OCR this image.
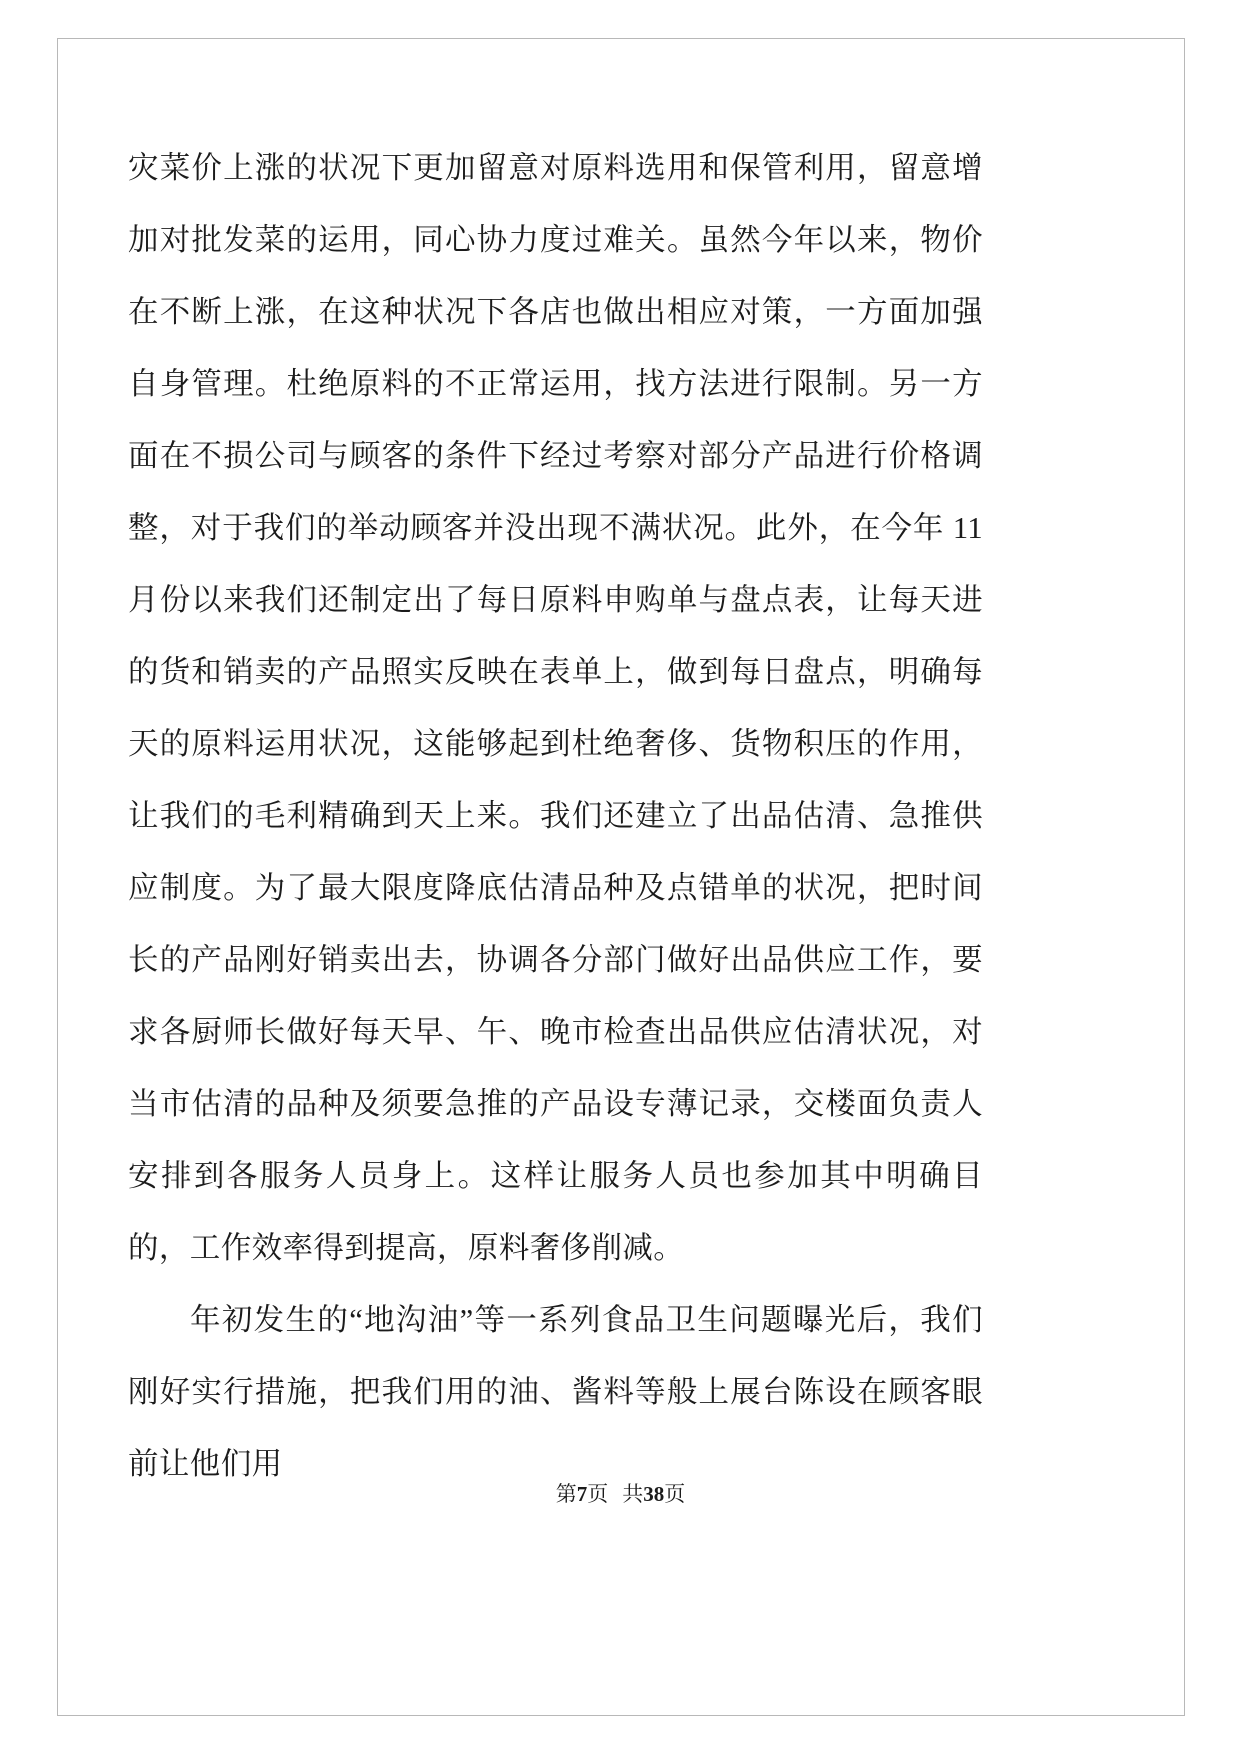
灾菜价上涨的状况下更加留意对原料选用和保管利用，留意增加对批发菜的运用，同心协力度过难关。虽然今年以来，物价在不断上涨，在这种状况下各店也做出相应对策，一方面加强自身管理。杜绝原料的不正常运用，找方法进行限制。另一方面在不损公司与顾客的条件下经过考察对部分产品进行价格调整，对于我们的举动顾客并没出现不满状况。此外，在今年 11 月份以来我们还制定出了每日原料申购单与盘点表，让每天进的货和销卖的产品照实反映在表单上，做到每日盘点，明确每天的原料运用状况，这能够起到杜绝奢侈、货物积压的作用，让我们的毛利精确到天上来。我们还建立了出品估清、急推供应制度。为了最大限度降底估清品种及点错单的状况，把时间长的产品刚好销卖出去，协调各分部门做好出品供应工作，要求各厨师长做好每天早、午、晚市检查出品供应估清状况，对当市估清的品种及须要急推的产品设专薄记录，交楼面负责人安排到各服务人员身上。这样让服务人员也参加其中明确目的，工作效率得到提高，原料奢侈削减。

年初发生的“地沟油”等一系列食品卫生问题曝光后，我们刚好实行措施，把我们用的油、酱料等般上展台陈设在顾客眼前让他们用

第7页 共38页
